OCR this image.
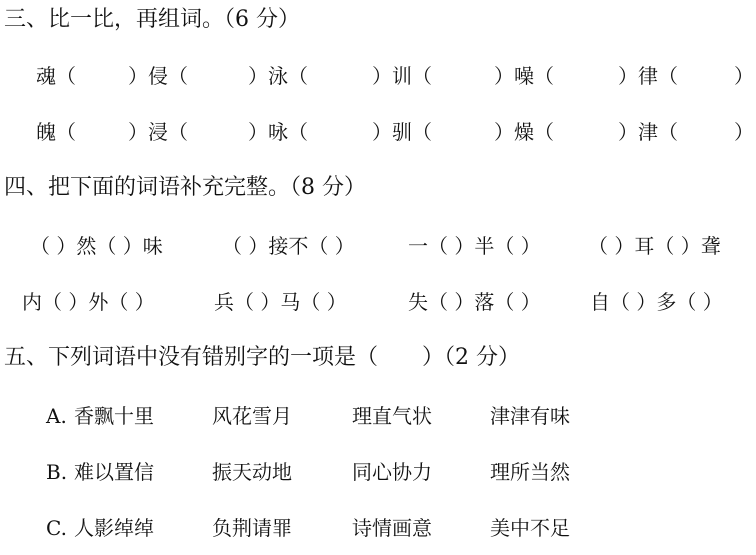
三、比一比，再组词。（6 分）
魂（	）侵（	）泳（	）训（	）噪（	）律（	）
魄（	）浸（	）咏（	）驯（	）燥（	）津（	）
四、把下面的词语补充完整。（8 分）
（ ）然（ ）味	（ ）接不（ ）	一（ ）半（ ） （ ）耳（ ）聋
内（ ）外（ ）	兵（ ）马（ ）	失（ ）落（ ） 自（ ）多（ ）
五、下列词语中没有错别字的一项是（　　）（2 分）
A. 香飘十里	风花雪月	理直气状	津津有味
B. 难以置信	振天动地	同心协力	理所当然
C. 人影绰绰	负荆请罪	诗情画意	美中不足
